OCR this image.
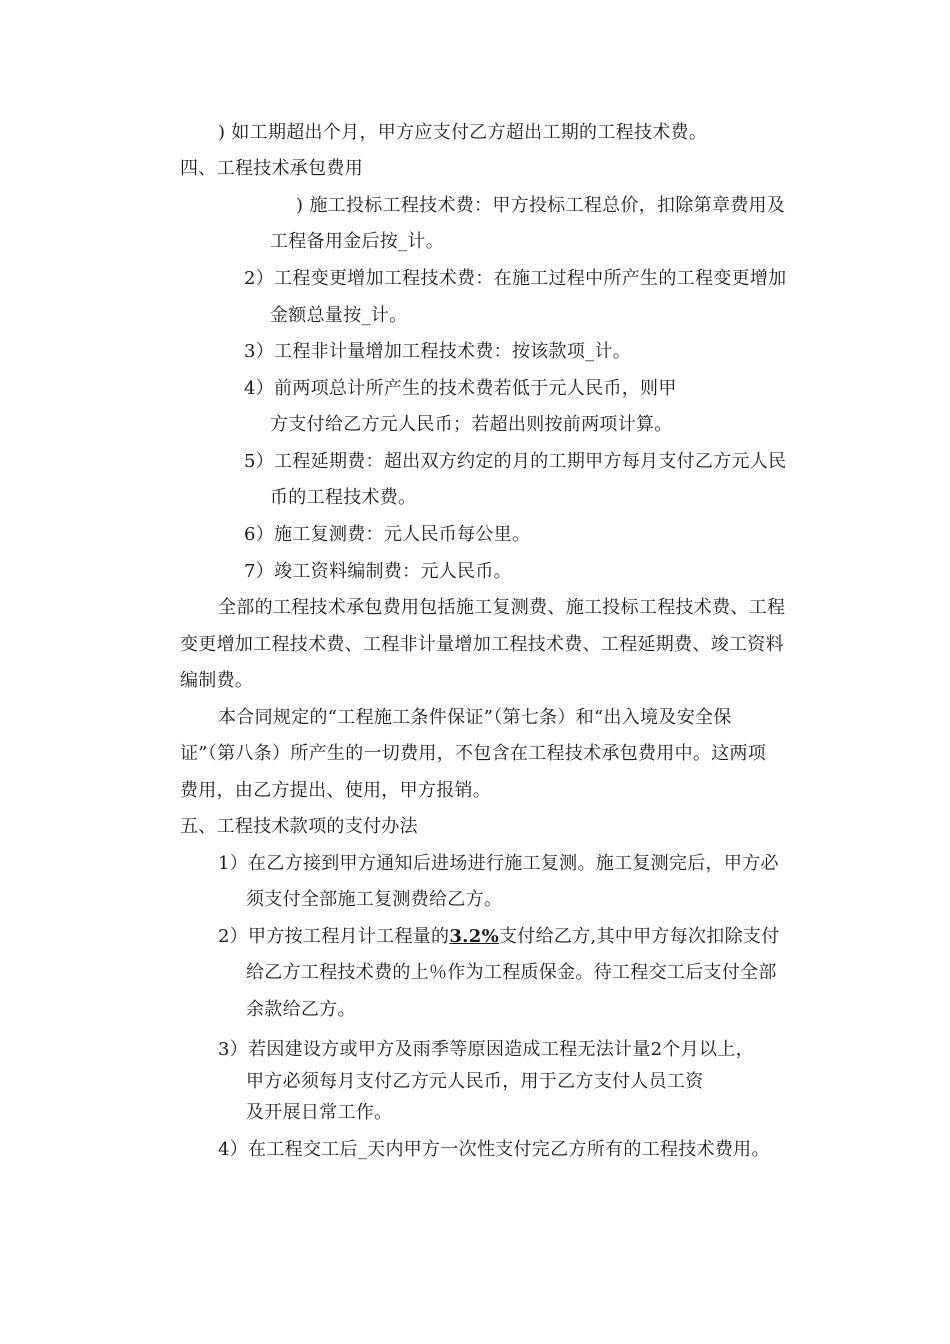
) 如工期超出个月，甲方应支付乙方超出工期的工程技术费。
四、工程技术承包费用
) 施工投标工程技术费：甲方投标工程总价，扣除第章费用及
工程备用金后按_计。
2）工程变更增加工程技术费：在施工过程中所产生的工程变更增加
金额总量按_计。
3）工程非计量增加工程技术费：按该款项_计。
4）前两项总计所产生的技术费若低于元人民币，则甲
方支付给乙方元人民币；若超出则按前两项计算。
5）工程延期费：超出双方约定的月的工期甲方每月支付乙方元人民
币的工程技术费。
6）施工复测费：元人民币每公里。
7）竣工资料编制费：元人民币。
全部的工程技术承包费用包括施工复测费、施工投标工程技术费、工程
变更增加工程技术费、工程非计量增加工程技术费、工程延期费、竣工资料
编制费。
本合同规定的“工程施工条件保证”（第七条）和“出入境及安全保
证”（第八条）所产生的一切费用，不包含在工程技术承包费用中。这两项
费用，由乙方提出、使用，甲方报销。
五、工程技术款项的支付办法
1）在乙方接到甲方通知后进场进行施工复测。施工复测完后，甲方必
须支付全部施工复测费给乙方。
2）甲方按工程月计工程量的3.2%支付给乙方,其中甲方每次扣除支付
给乙方工程技术费的上％作为工程质保金。待工程交工后支付全部
余款给乙方。
3）若因建设方或甲方及雨季等原因造成工程无法计量2个月以上，
甲方必须每月支付乙方元人民币，用于乙方支付人员工资
及开展日常工作。
4）在工程交工后_天内甲方一次性支付完乙方所有的工程技术费用。
